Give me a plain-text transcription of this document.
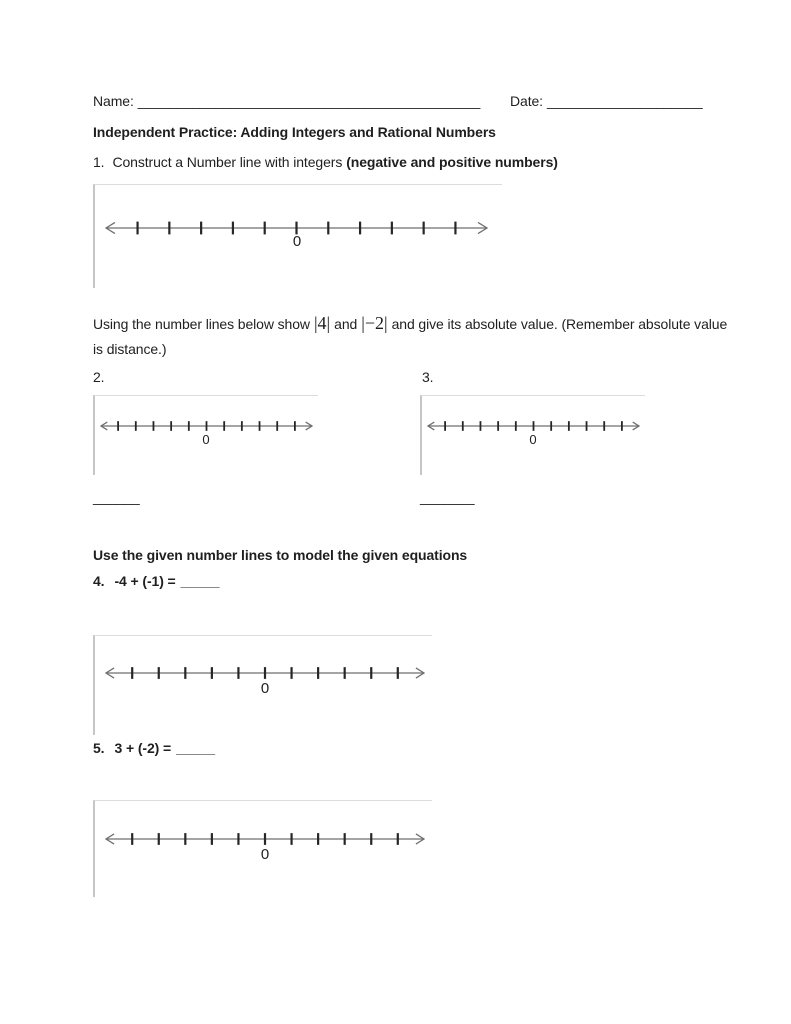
Name: ____________________________________________ Date: ____________________
Independent Practice: Adding Integers and Rational Numbers
1. Construct a Number line with integers (negative and positive numbers)
0
Using the number lines below show |4| and |−2| and give its absolute value. (Remember absolute value
is distance.)
2.	3.
0	0
______	_______
Use the given number lines to model the given equations
4. -4 + (-1) = _____
0
5. 3 + (-2) = _____
0
